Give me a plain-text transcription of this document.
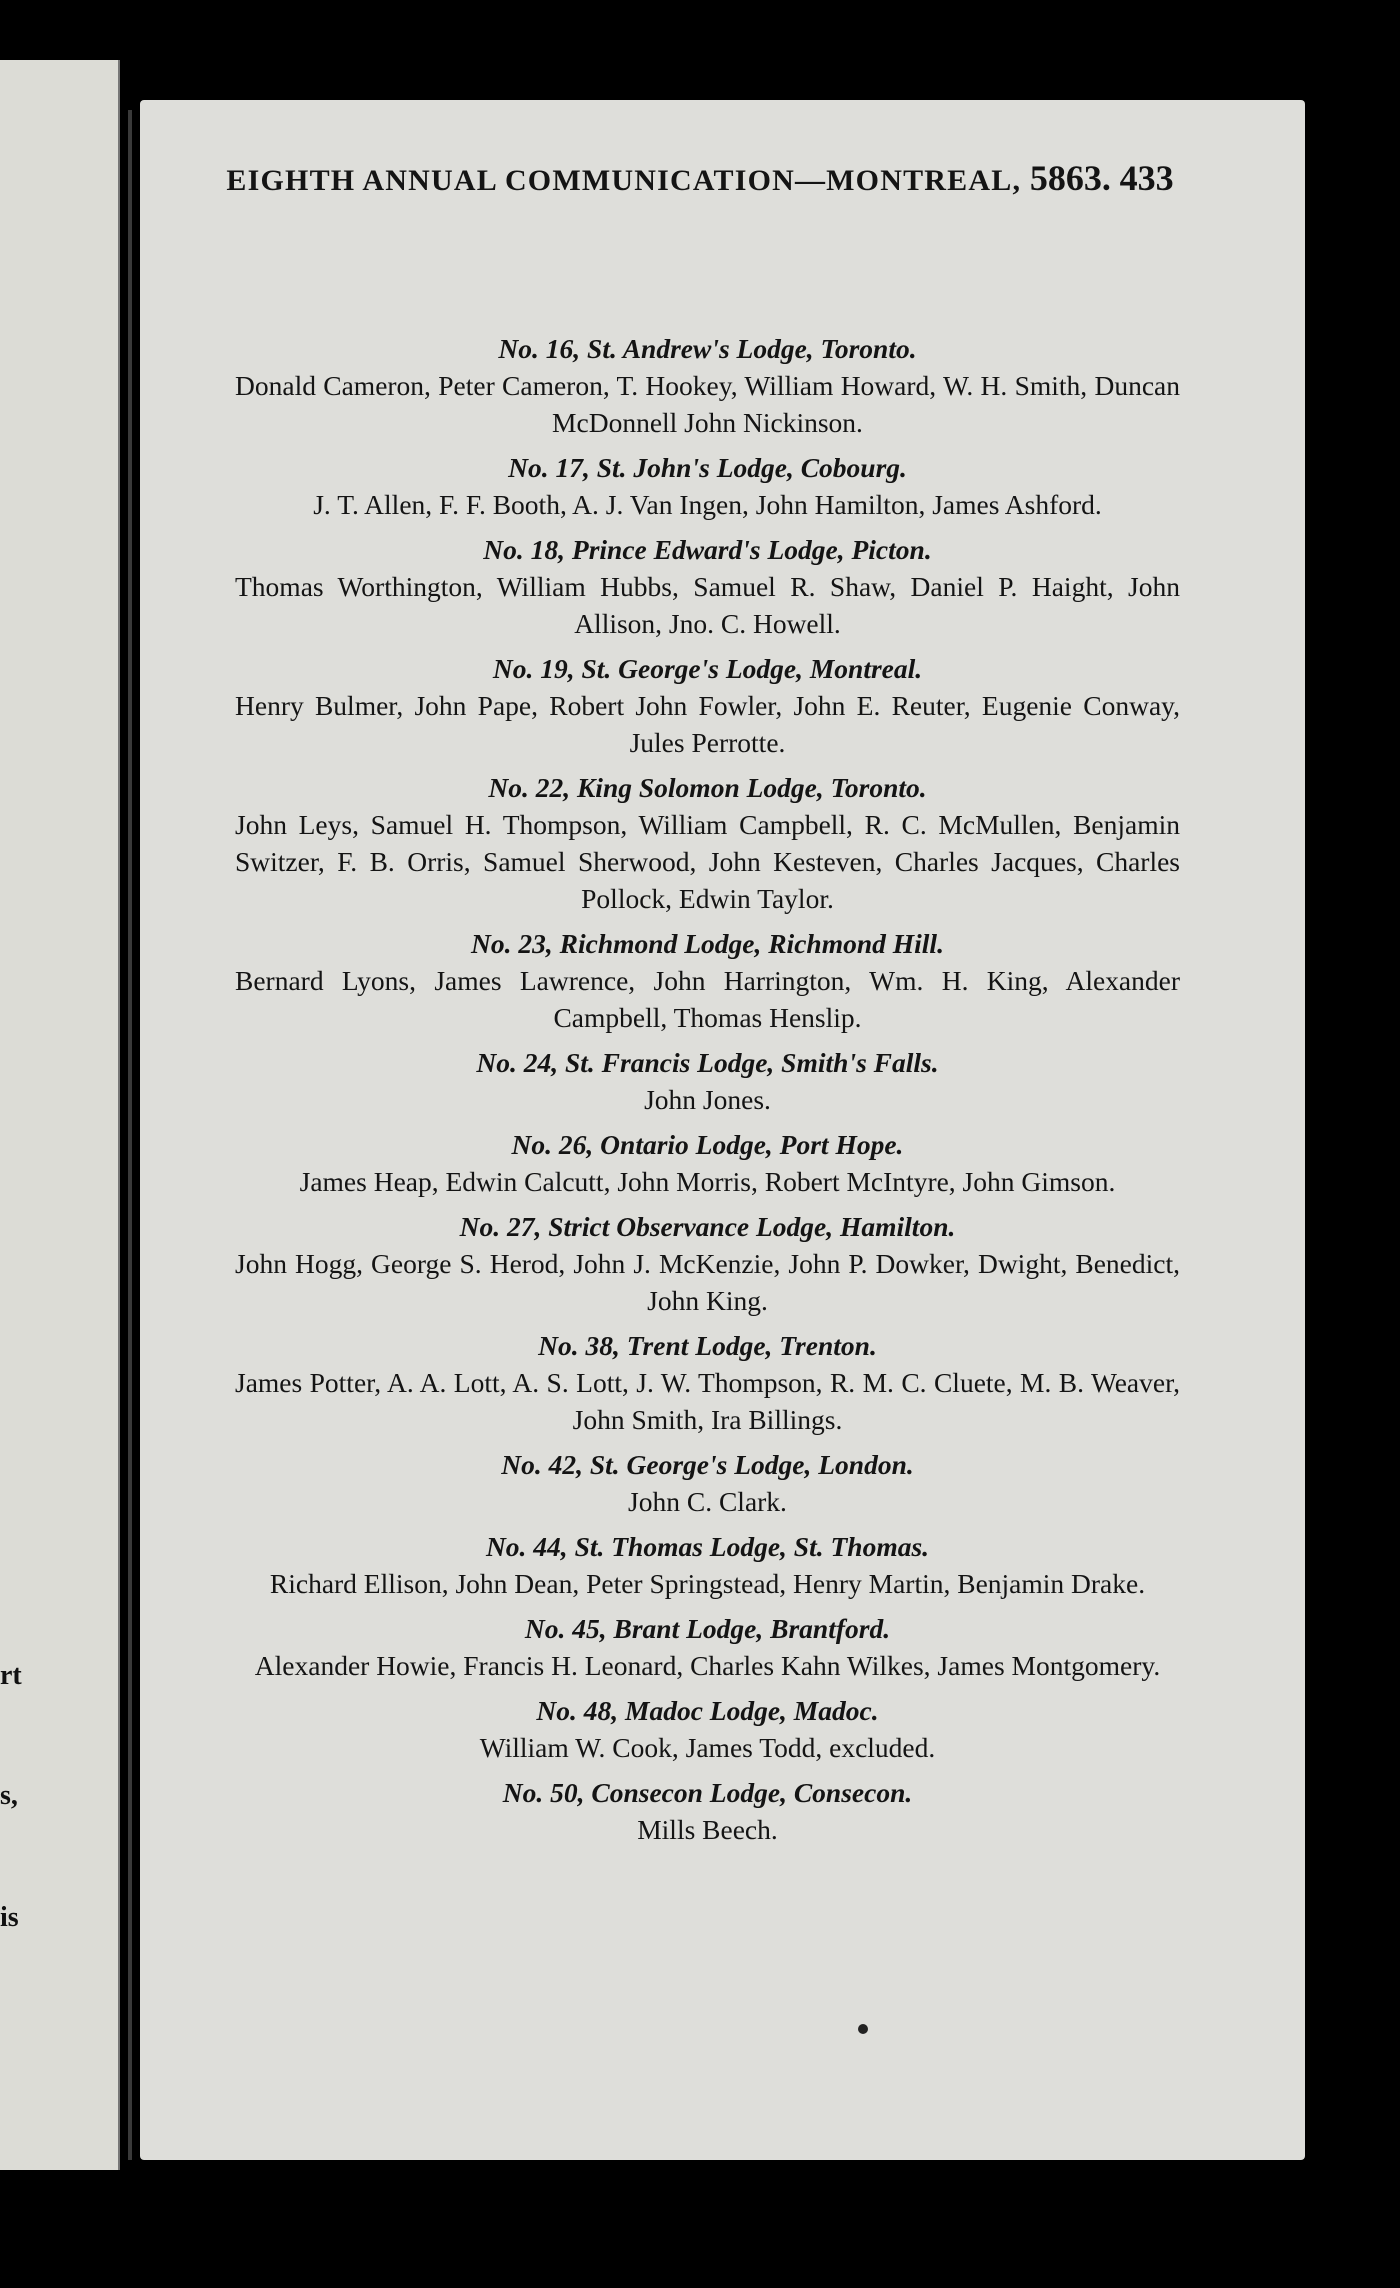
rt
s,
is
EIGHTH ANNUAL COMMUNICATION—MONTREAL, 5863. 433
No. 16, St. Andrew's Lodge, Toronto.
Donald Cameron, Peter Cameron, T. Hookey, William Howard, W. H. Smith, Duncan McDonnell John Nickinson.
No. 17, St. John's Lodge, Cobourg.
J. T. Allen, F. F. Booth, A. J. Van Ingen, John Hamilton, James Ashford.
No. 18, Prince Edward's Lodge, Picton.
Thomas Worthington, William Hubbs, Samuel R. Shaw, Daniel P. Haight, John Allison, Jno. C. Howell.
No. 19, St. George's Lodge, Montreal.
Henry Bulmer, John Pape, Robert John Fowler, John E. Reuter, Eugenie Conway, Jules Perrotte.
No. 22, King Solomon Lodge, Toronto.
John Leys, Samuel H. Thompson, William Campbell, R. C. McMullen, Benjamin Switzer, F. B. Orris, Samuel Sherwood, John Kesteven, Charles Jacques, Charles Pollock, Edwin Taylor.
No. 23, Richmond Lodge, Richmond Hill.
Bernard Lyons, James Lawrence, John Harrington, Wm. H. King, Alexander Campbell, Thomas Henslip.
No. 24, St. Francis Lodge, Smith's Falls.
John Jones.
No. 26, Ontario Lodge, Port Hope.
James Heap, Edwin Calcutt, John Morris, Robert McIntyre, John Gimson.
No. 27, Strict Observance Lodge, Hamilton.
John Hogg, George S. Herod, John J. McKenzie, John P. Dowker, Dwight, Benedict, John King.
No. 38, Trent Lodge, Trenton.
James Potter, A. A. Lott, A. S. Lott, J. W. Thompson, R. M. C. Cluete, M. B. Weaver, John Smith, Ira Billings.
No. 42, St. George's Lodge, London.
John C. Clark.
No. 44, St. Thomas Lodge, St. Thomas.
Richard Ellison, John Dean, Peter Springstead, Henry Martin, Benjamin Drake.
No. 45, Brant Lodge, Brantford.
Alexander Howie, Francis H. Leonard, Charles Kahn Wilkes, James Montgomery.
No. 48, Madoc Lodge, Madoc.
William W. Cook, James Todd, excluded.
No. 50, Consecon Lodge, Consecon.
Mills Beech.
